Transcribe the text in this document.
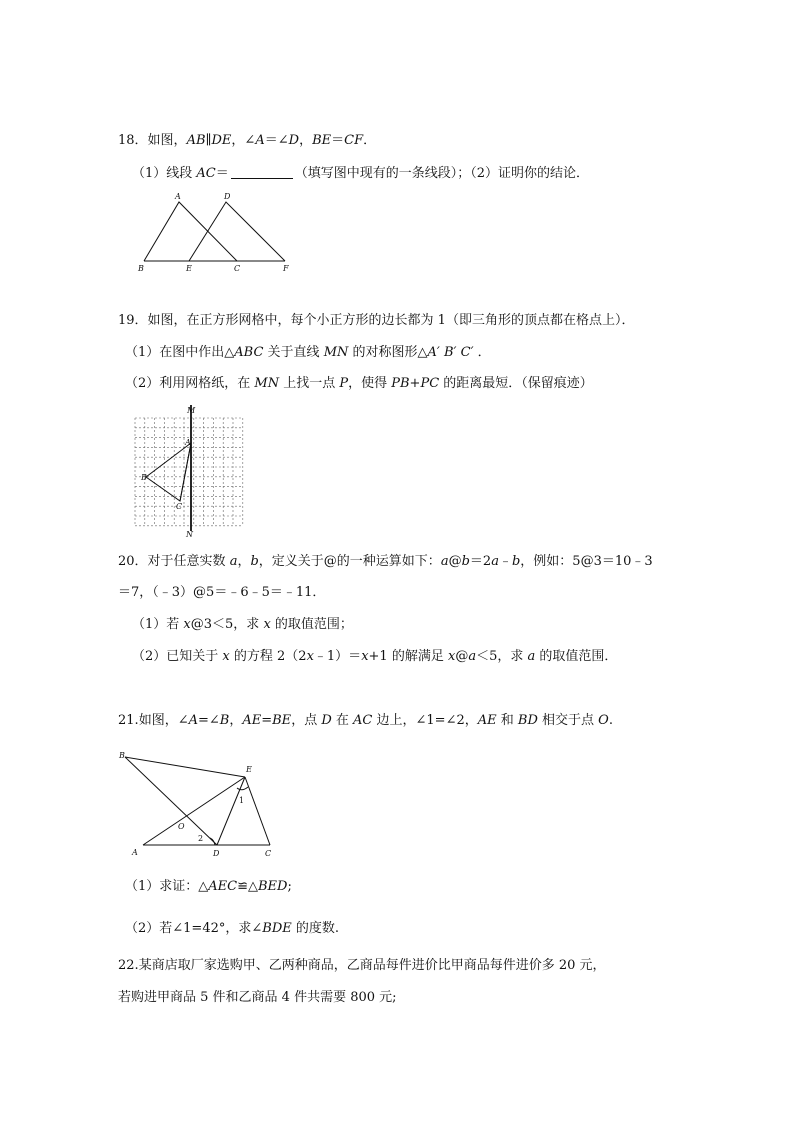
18．如图，AB∥DE，∠A＝∠D，BE＝CF．
（1）线段 AC＝	（填写图中现有的一条线段）；（2）证明你的结论．
A	D
B	E	C	F
19．如图，在正方形网格中，每个小正方形的边长都为 1（即三角形的顶点都在格点上）．
（1）在图中作出△ABC 关于直线 MN 的对称图形△A′ B′ C′ ．
（2）利用网格纸，在 MN 上找一点 P，使得 PB+PC 的距离最短．（保留痕迹）
M
N
A
B
C
20．对于任意实数 a，b，定义关于@的一种运算如下：a@b＝2a﹣b，例如：5@3＝10﹣3
＝7，（﹣3）@5＝﹣6﹣5＝﹣11．
（1）若 x@3＜5，求 x 的取值范围；
（2）已知关于 x 的方程 2（2x﹣1）＝x+1 的解满足 x@a＜5，求 a 的取值范围．
21.如图，∠A=∠B，AE=BE，点 D 在 AC 边上，∠1=∠2，AE 和 BD 相交于点 O.
B
E
O
A	D	C
1
2
（1）求证：△AEC≌△BED;
（2）若∠1=42°，求∠BDE 的度数.
22.某商店取厂家选购甲、乙两种商品，乙商品每件进价比甲商品每件进价多 20 元，
若购进甲商品 5 件和乙商品 4 件共需要 800 元;
